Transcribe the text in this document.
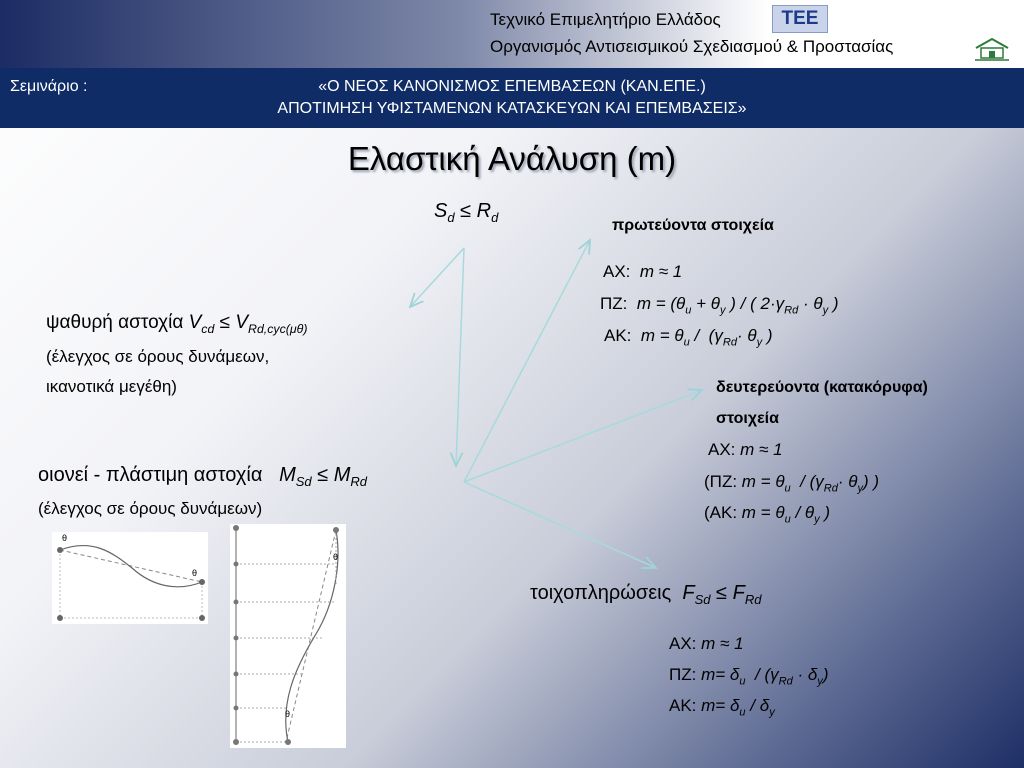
Τεχνικό Επιμελητήριο Ελλάδος
Οργανισμός Αντισεισμικού Σχεδιασμού & Προστασίας
ΤΕΕ
Σεμινάριο :	«Ο ΝΕΟΣ ΚΑΝΟΝΙΣΜΟΣ ΕΠΕΜΒΑΣΕΩΝ (ΚΑΝ.ΕΠΕ.)
ΑΠΟΤΙΜΗΣΗ ΥΦΙΣΤΑΜΕΝΩΝ ΚΑΤΑΣΚΕΥΩΝ ΚΑΙ ΕΠΕΜΒΑΣΕΙΣ»
Ελαστική Ανάλυση (m)
$S_d \le R_d$
ψαθυρή αστοχία $V_{cd} \le V_{Rd,cyc(\mu\theta)}$
(έλεγχος σε όρους δυνάμεων,
ικανοτικά μεγέθη)
οιονεί - πλάστιμη αστοχία $M_{Sd} \le M_{Rd}$
(έλεγχος σε όρους δυνάμεων)
πρωτεύοντα στοιχεία
ΑΧ: m ≈ 1
ΠΖ: $m = (\theta_u + \theta_y$ ) / ( $2\cdot\gamma_{Rd} \cdot \theta_y$ )
ΑΚ: $m = \theta_u / (\gamma_{Rd}\cdot \theta_y$ )
δευτερεύοντα (κατακόρυφα)
στοιχεία
ΑΧ: m ≈ 1
(ΠΖ: $m = \theta_u / (\gamma_{Rd}\cdot \theta_y)$ )
(ΑΚ: $m = \theta_u / \theta_y$ )
τοιχοπληρώσεις $F_{Sd} \le F_{Rd}$
ΑΧ: m ≈ 1
ΠΖ: $m= \delta_u / (\gamma_{Rd} \cdot \delta_y)$
ΑΚ: $m= \delta_u / \delta_y$
θ
θ
θ
θ
